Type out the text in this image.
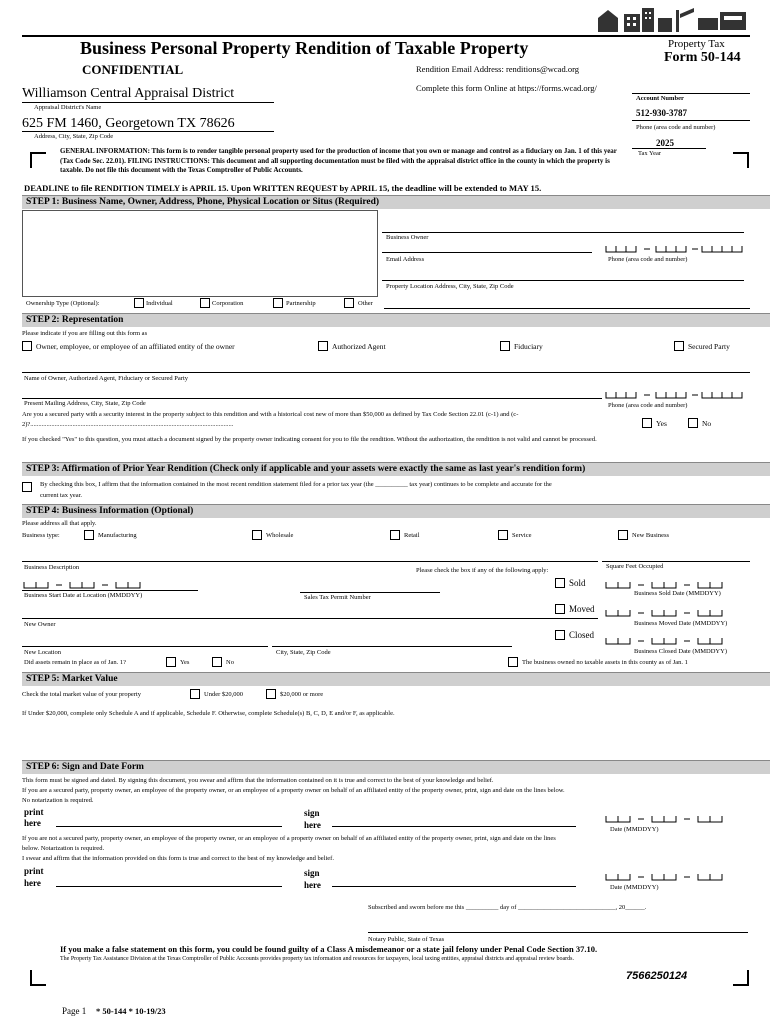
Business Personal Property Rendition of Taxable Property
CONFIDENTIAL	Rendition Email Address: renditions@wcad.org
Complete this form Online at https://forms.wcad.org/
Property Tax
Form 50-144
Williamson Central Appraisal District
Appraisal District's Name
Account Number
625 FM 1460, Georgetown TX 78626
Address, City, State, Zip Code
512-930-3787
Phone (area code and number)
2025
Tax Year
GENERAL INFORMATION: This form is to render tangible personal property used for the production of income that you own or manage and control as a fiduciary on Jan. 1 of this year (Tax Code Sec. 22.01). FILING INSTRUCTIONS: This document and all supporting documentation must be filed with the appraisal district office in the county in which the property is taxable. Do not file this document with the Texas Comptroller of Public Accounts.
DEADLINE to file RENDITION TIMELY is APRIL 15. Upon WRITTEN REQUEST by APRIL 15, the deadline will be extended to MAY 15.
STEP 1: Business Name, Owner, Address, Phone, Physical Location or Situs (Required)
Business Owner
Email Address	Phone (area code and number)
Property Location Address, City, State, Zip Code
Ownership Type (Optional):	Individual	Corporation	Partnership	Other
STEP 2: Representation
Please indicate if you are filling out this form as
Owner, employee, or employee of an affiliated entity of the owner	Authorized Agent	Fiduciary	Secured Party
Name of Owner, Authorized Agent, Fiduciary or Secured Party
Present Mailing Address, City, State, Zip Code	Phone (area code and number)
Are you a secured party with a security interest in the property subject to this rendition and with a historical cost new of more than $50,000 as defined by Tax Code Section 22.01 (c-1) and (c-2)?.............................................................................................................................	Yes	No
If you checked "Yes" to this question, you must attach a document signed by the property owner indicating consent for you to file the rendition. Without the authorization, the rendition is not valid and cannot be processed.
STEP 3: Affirmation of Prior Year Rendition (Check only if applicable and your assets were exactly the same as last year's rendition form)
By checking this box, I affirm that the information contained in the most recent rendition statement filed for a prior tax year (the __________ tax year) continues to be complete and accurate for the
current tax year.
STEP 4: Business Information (Optional)
Please address all that apply.
Business type:	Manufacturing	Wholesale	Retail	Service	New Business
Business Description	Please check the box if any of the following apply:
Square Feet Occupied
Business Start Date at Location (MMDDYY)	Sales Tax Permit Number
Sold
Business Sold Date (MMDDYY)
Moved
New Owner	Business Moved Date (MMDDYY)
Closed
New Location	City, State, Zip Code	Business Closed Date (MMDDYY)
Did assets remain in place as of Jan. 1?	Yes	No	The business owned no taxable assets in this county as of Jan. 1
STEP 5: Market Value
Check the total market value of your property	Under $20,000	$20,000 or more
If Under $20,000, complete only Schedule A and if applicable, Schedule F. Otherwise, complete Schedule(s) B, C, D, E and/or F, as applicable.
STEP 6: Sign and Date Form
This form must be signed and dated. By signing this document, you swear and affirm that the information contained on it is true and correct to the best of your knowledge and belief.
If you are a secured party, property owner, an employee of the property owner, or an employee of a property owner on behalf of an affiliated entity of the property owner, print, sign and date on the lines below.
No notarization is required.
print
here
sign
here	Date (MMDDYY)
If you are not a secured party, property owner, an employee of the property owner, or an employee of a property owner on behalf of an affiliated entity of the property owner, print, sign and date on the lines
below. Notarization is required.
I swear and affirm that the information provided on this form is true and correct to the best of my knowledge and belief.
print
here
sign
here	Date (MMDDYY)
Subscribed and sworn before me this __________ day of ______________________________, 20______.
Notary Public, State of Texas
If you make a false statement on this form, you could be found guilty of a Class A misdemeanor or a state jail felony under Penal Code Section 37.10.
The Property Tax Assistance Division at the Texas Comptroller of Public Accounts provides property tax information and resources for taxpayers, local taxing entities, appraisal districts and appraisal review boards.
7566250124
Page 1 * 50-144 * 10-19/23
